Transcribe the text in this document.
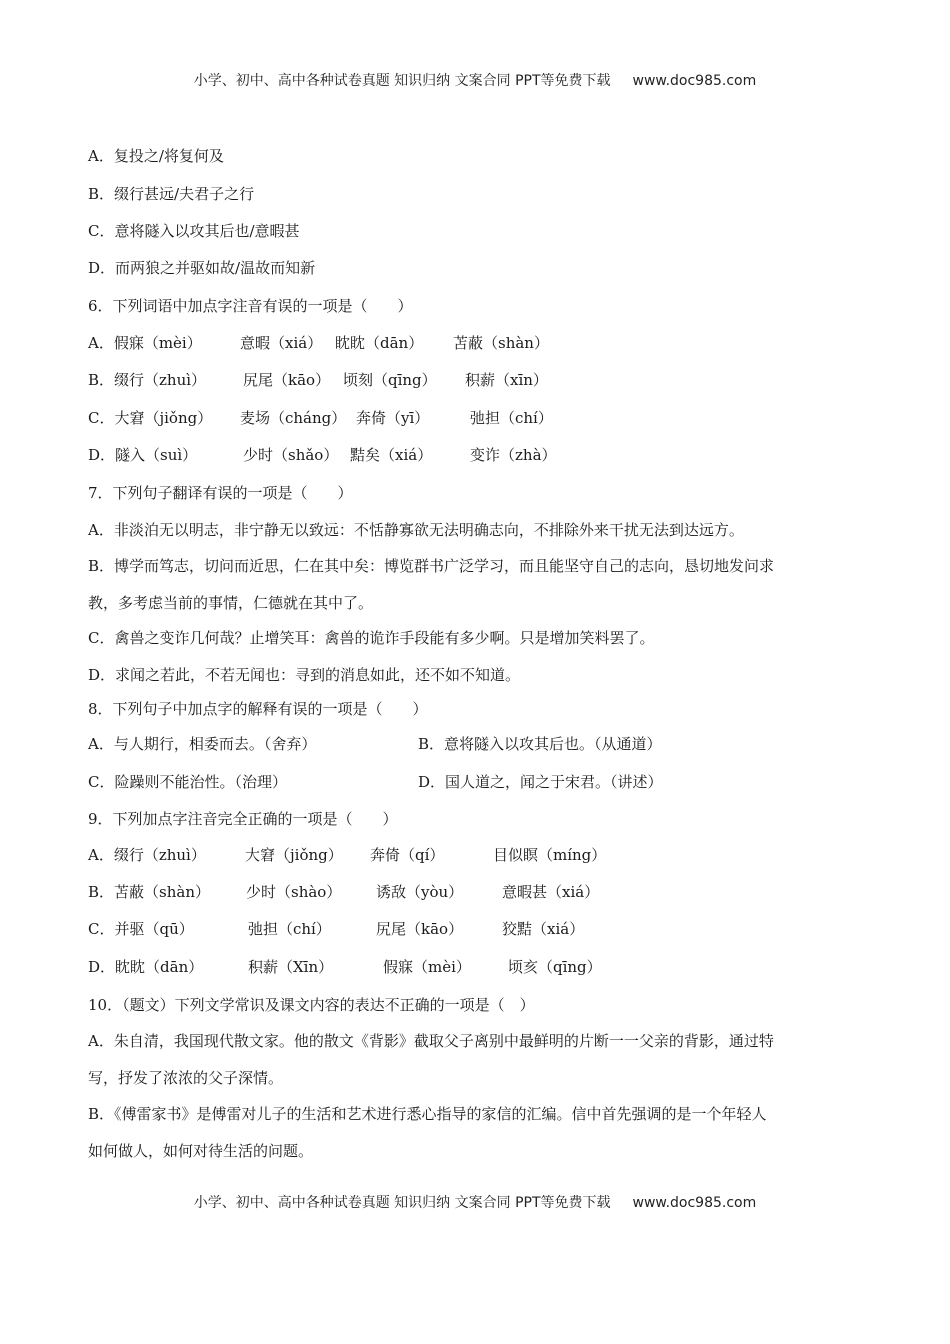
小学、初中、高中各种试卷真题 知识归纳 文案合同 PPT等免费下载 www.doc985.com
A．复投之/将复何及
B．缀行甚远/夫君子之行
C．意将隧入以攻其后也/意暇甚
D．而两狼之并驱如故/温故而知新
6．下列词语中加点字注音有误的一项是（　　）
A．假寐（mèi）	意暇（xiá） 眈眈（dān） 苫蔽（shàn）
B．缀行（zhuì） 尻尾（kāo） 顷刻（qīng） 积薪（xīn）
C．大窘（jiǒng） 麦场（cháng） 奔倚（yī）	弛担（chí）
D．隧入（suì）	少时（shǎo） 黠矣（xiá）	变诈（zhà）
7．下列句子翻译有误的一项是（　　）
A．非淡泊无以明志，非宁静无以致远：不恬静寡欲无法明确志向，不排除外来干扰无法到达远方。
B．博学而笃志，切问而近思，仁在其中矣：博览群书广泛学习，而且能坚守自己的志向，恳切地发问求
教，多考虑当前的事情，仁德就在其中了。
C．禽兽之变诈几何哉？止增笑耳：禽兽的诡诈手段能有多少啊。只是增加笑料罢了。
D．求闻之若此，不若无闻也：寻到的消息如此，还不如不知道。
8．下列句子中加点字的解释有误的一项是（　　）
A．与人期行，相委而去。（舍弃）	B．意将隧入以攻其后也。（从通道）
C．险躁则不能治性。（治理）	D．国人道之，闻之于宋君。（讲述）
9．下列加点字注音完全正确的一项是（　　）
A．缀行（zhuì）	大窘（jiǒng） 奔倚（qí）	目似瞑（míng）
B．苫蔽（shàn） 少时（shào） 诱敌（yòu）	意暇甚（xiá）
C．并驱（qū）	弛担（chí）	尻尾（kāo）	狡黠（xiá）
D．眈眈（dān）	积薪（Xīn）	假寐（mèi） 顷亥（qīng）
10．（题文）下列文学常识及课文内容的表达不正确的一项是（　）
A．朱自清，我国现代散文家。他的散文《背影》截取父子离别中最鲜明的片断一一父亲的背影，通过特
写，抒发了浓浓的父子深情。
B．《傅雷家书》是傅雷对儿子的生活和艺术进行悉心指导的家信的汇编。信中首先强调的是一个年轻人
如何做人，如何对待生活的问题。
小学、初中、高中各种试卷真题 知识归纳 文案合同 PPT等免费下载 www.doc985.com
